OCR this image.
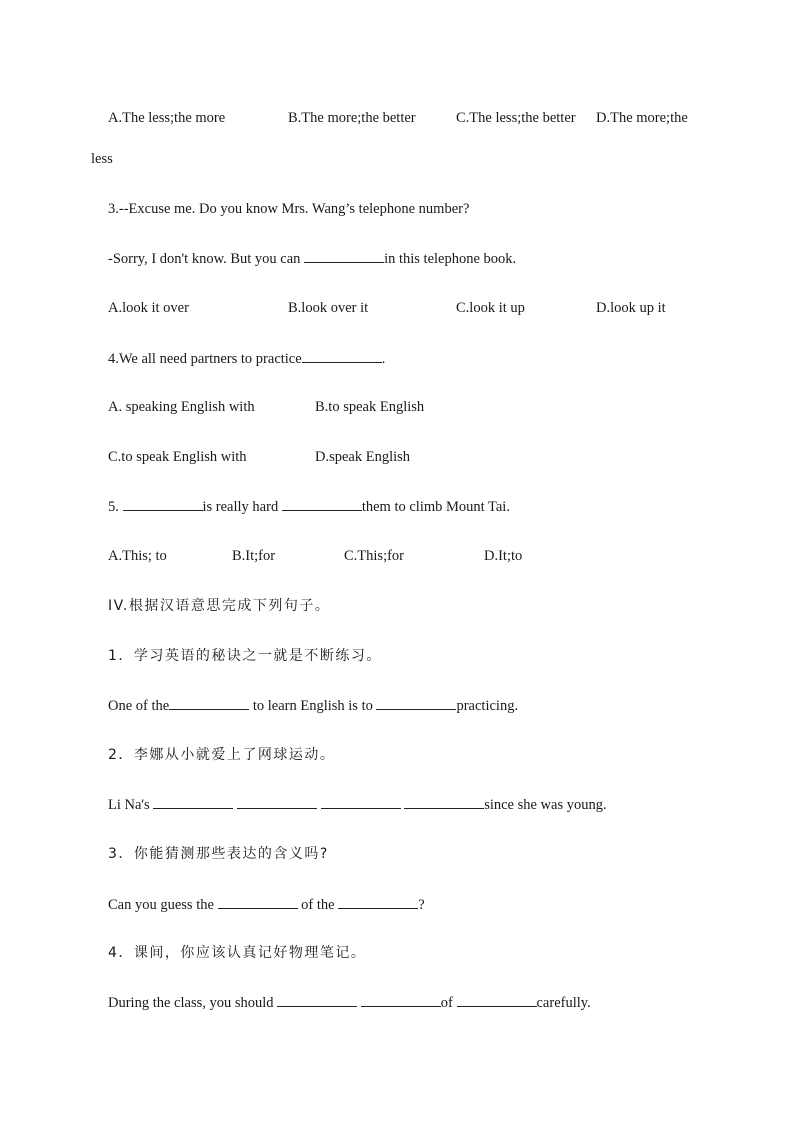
A.The less;the more	B.The more;the better	C.The less;the better D.The more;the
less
3.--Excuse me. Do you know Mrs. Wang’s telephone number?
-Sorry, I don't know. But you can	in this telephone book.
A.look it over	B.look over it	C.look it up	D.look up it
4.We all need partners to practice	.
A. speaking English with	B.to speak English
C.to speak English with	D.speak English
5.	is really hard	them to climb Mount Tai.
A.This; to	B.It;for	C.This;for	D.It;to
IV.根据汉语意思完成下列句子。
1．学习英语的秘诀之一就是不断练习。
One of the	to learn English is to	practicing.
2．李娜从小就爱上了网球运动。
Li Na's	since she was young.
3．你能猜测那些表达的含义吗?
Can you guess the	of the	?
4．课间，你应该认真记好物理笔记。
During the class, you should	of	carefully.
